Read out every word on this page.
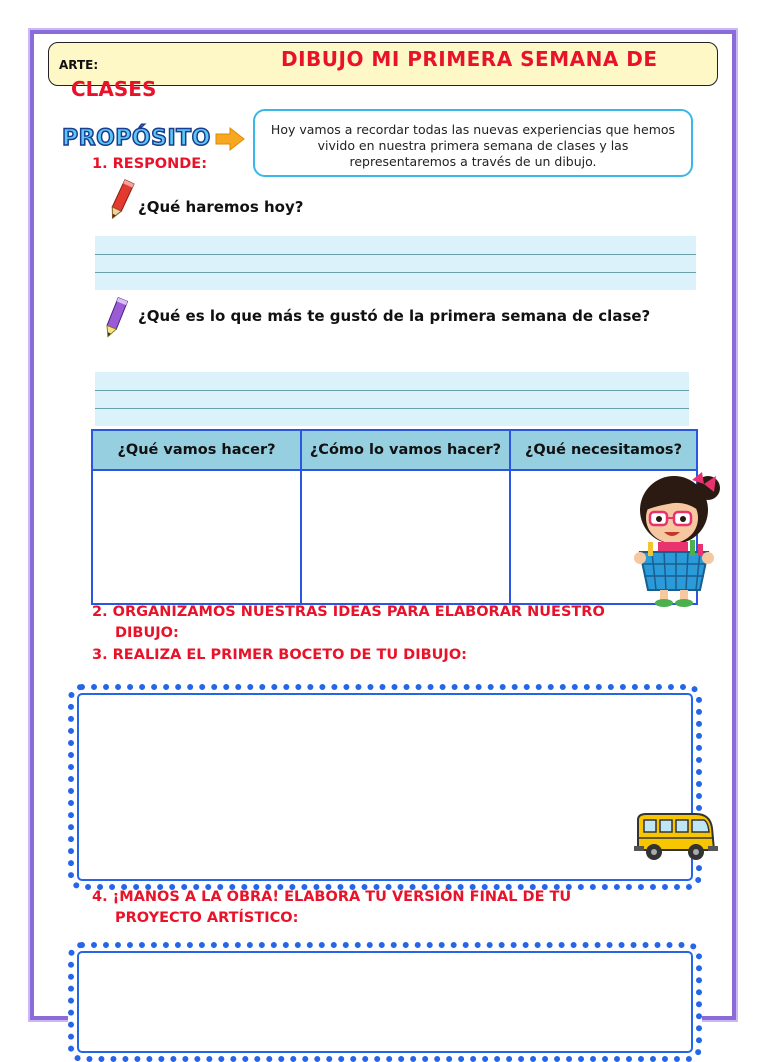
ARTE:	DIBUJO MI PRIMERA SEMANA DE
CLASES
PROPÓSITO	Hoy vamos a recordar todas las nuevas experiencias que hemos vivido en nuestra primera semana de clases y las representaremos a través de un dibujo.
1. RESPONDE:
¿Qué haremos hoy?
¿Qué es lo que más te gustó de la primera semana de clase?
¿Qué vamos hacer?	¿Cómo lo vamos hacer?	¿Qué necesitamos?

2. ORGANIZAMOS NUESTRAS IDEAS PARA ELABORAR NUESTRO
DIBUJO:
3. REALIZA EL PRIMER BOCETO DE TU DIBUJO:
4. ¡MANOS A LA OBRA! ELABORA TU VERSIÓN FINAL DE TU
PROYECTO ARTÍSTICO:
